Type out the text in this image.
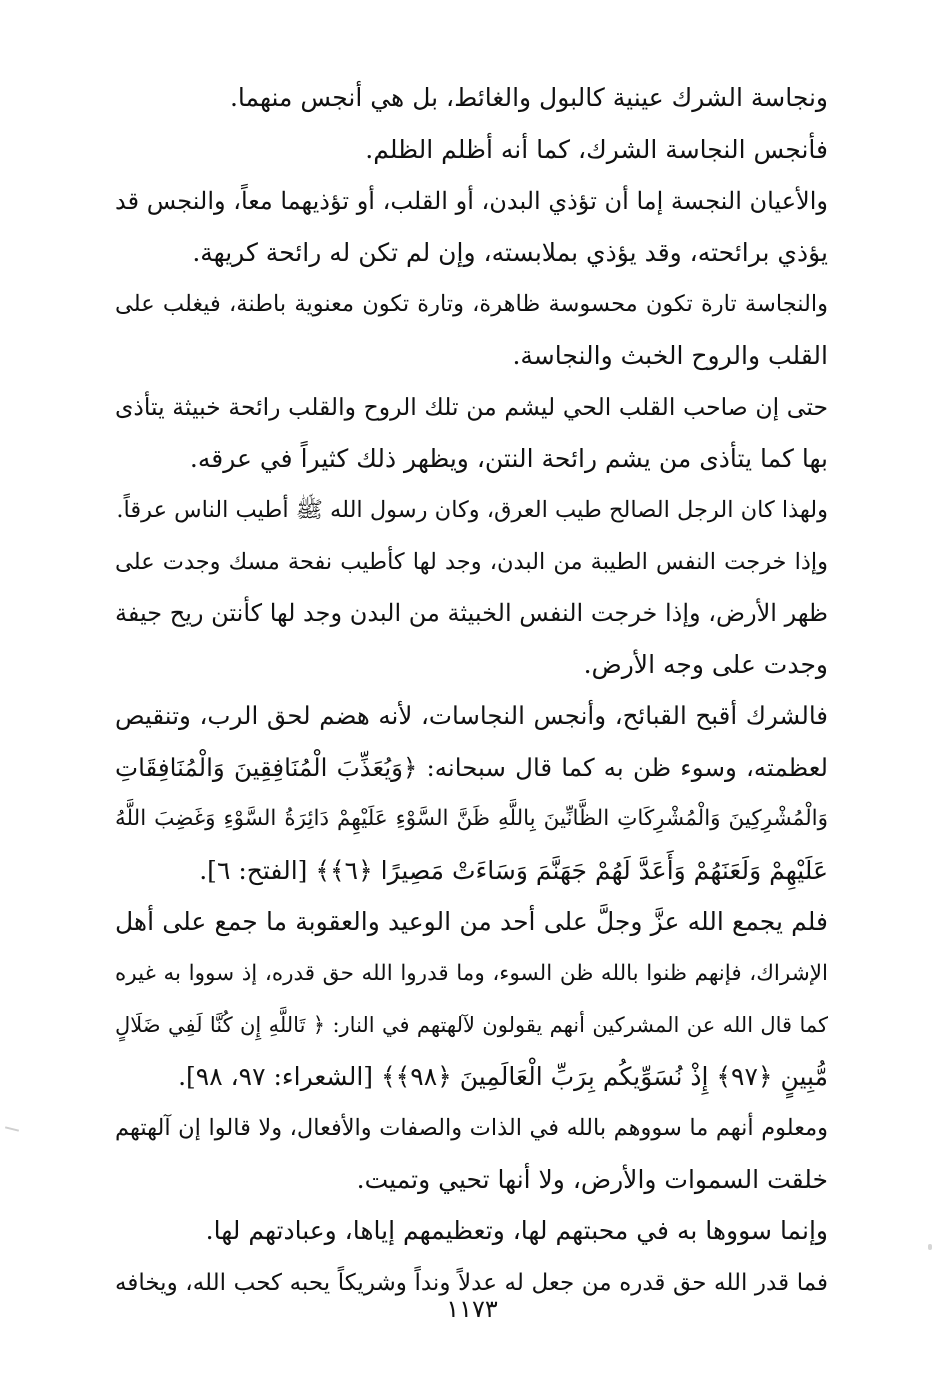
ونجاسة الشرك عينية كالبول والغائط، بل هي أنجس منهما.
فأنجس النجاسة الشرك، كما أنه أظلم الظلم.
والأعيان النجسة إما أن تؤذي البدن، أو القلب، أو تؤذيهما معاً، والنجس قد
يؤذي برائحته، وقد يؤذي بملابسته، وإن لم تكن له رائحة كريهة.
والنجاسة تارة تكون محسوسة ظاهرة، وتارة تكون معنوية باطنة، فيغلب على
القلب والروح الخبث والنجاسة.
حتى إن صاحب القلب الحي ليشم من تلك الروح والقلب رائحة خبيثة يتأذى
بها كما يتأذى من يشم رائحة النتن، ويظهر ذلك كثيراً في عرقه.
ولهذا كان الرجل الصالح طيب العرق، وكان رسول الله ﷺ أطيب الناس عرقاً.
وإذا خرجت النفس الطيبة من البدن، وجد لها كأطيب نفحة مسك وجدت على
ظهر الأرض، وإذا خرجت النفس الخبيثة من البدن وجد لها كأنتن ريح جيفة
وجدت على وجه الأرض.
فالشرك أقبح القبائح، وأنجس النجاسات، لأنه هضم لحق الرب، وتنقيص
لعظمته، وسوء ظن به كما قال سبحانه: ﴿وَيُعَذِّبَ الْمُنَافِقِينَ وَالْمُنَافِقَاتِ
وَالْمُشْرِكِينَ وَالْمُشْرِكَاتِ الظَّانِّينَ بِاللَّهِ ظَنَّ السَّوْءِ عَلَيْهِمْ دَائِرَةُ السَّوْءِ وَغَضِبَ اللَّهُ
عَلَيْهِمْ وَلَعَنَهُمْ وَأَعَدَّ لَهُمْ جَهَنَّمَ وَسَاءَتْ مَصِيرًا ﴿٦﴾﴾ [الفتح: ٦].
فلم يجمع الله عزَّ وجلَّ على أحد من الوعيد والعقوبة ما جمع على أهل
الإشراك، فإنهم ظنوا بالله ظن السوء، وما قدروا الله حق قدره، إذ سووا به غيره
كما قال الله عن المشركين أنهم يقولون لآلهتهم في النار: ﴿ تَاللَّهِ إِن كُنَّا لَفِي ضَلَالٍ
مُّبِينٍ ﴿٩٧﴾ إِذْ نُسَوِّيكُم بِرَبِّ الْعَالَمِينَ ﴿٩٨﴾﴾ [الشعراء: ٩٧، ٩٨].
ومعلوم أنهم ما سووهم بالله في الذات والصفات والأفعال، ولا قالوا إن آلهتهم
خلقت السموات والأرض، ولا أنها تحيي وتميت.
وإنما سووها به في محبتهم لها، وتعظيمهم إياها، وعبادتهم لها.
فما قدر الله حق قدره من جعل له عدلاً ونداً وشريكاً يحبه كحب الله، ويخافه
١١٧٣
